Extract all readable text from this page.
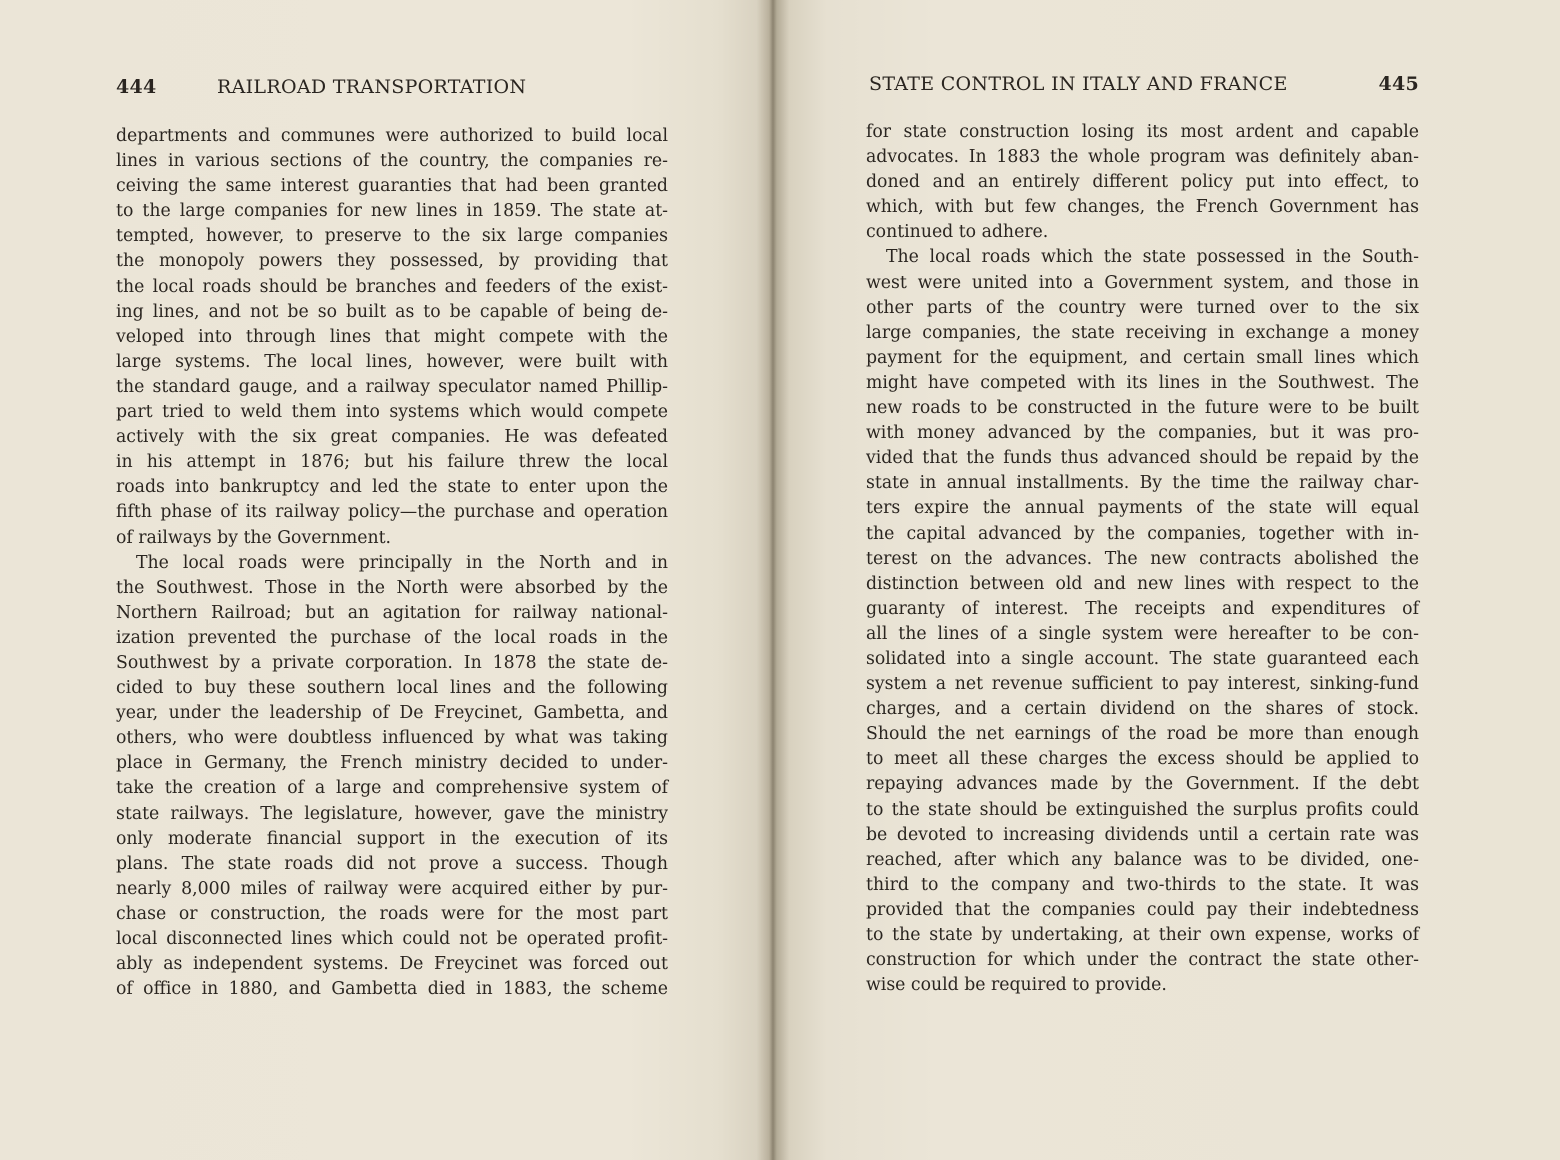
444	RAILROAD TRANSPORTATION
departments and communes were authorized to build local
lines in various sections of the country, the companies re-
ceiving the same interest guaranties that had been granted
to the large companies for new lines in 1859. The state at-
tempted, however, to preserve to the six large companies
the monopoly powers they possessed, by providing that
the local roads should be branches and feeders of the exist-
ing lines, and not be so built as to be capable of being de-
veloped into through lines that might compete with the
large systems. The local lines, however, were built with
the standard gauge, and a railway speculator named Phillip-
part tried to weld them into systems which would compete
actively with the six great companies. He was defeated
in his attempt in 1876; but his failure threw the local
roads into bankruptcy and led the state to enter upon the
fifth phase of its railway policy—the purchase and operation
of railways by the Government.
The local roads were principally in the North and in
the Southwest. Those in the North were absorbed by the
Northern Railroad; but an agitation for railway national-
ization prevented the purchase of the local roads in the
Southwest by a private corporation. In 1878 the state de-
cided to buy these southern local lines and the following
year, under the leadership of De Freycinet, Gambetta, and
others, who were doubtless influenced by what was taking
place in Germany, the French ministry decided to under-
take the creation of a large and comprehensive system of
state railways. The legislature, however, gave the ministry
only moderate financial support in the execution of its
plans. The state roads did not prove a success. Though
nearly 8,000 miles of railway were acquired either by pur-
chase or construction, the roads were for the most part
local disconnected lines which could not be operated profit-
ably as independent systems. De Freycinet was forced out
of office in 1880, and Gambetta died in 1883, the scheme
STATE CONTROL IN ITALY AND FRANCE	445
for state construction losing its most ardent and capable
advocates. In 1883 the whole program was definitely aban-
doned and an entirely different policy put into effect, to
which, with but few changes, the French Government has
continued to adhere.
The local roads which the state possessed in the South-
west were united into a Government system, and those in
other parts of the country were turned over to the six
large companies, the state receiving in exchange a money
payment for the equipment, and certain small lines which
might have competed with its lines in the Southwest. The
new roads to be constructed in the future were to be built
with money advanced by the companies, but it was pro-
vided that the funds thus advanced should be repaid by the
state in annual installments. By the time the railway char-
ters expire the annual payments of the state will equal
the capital advanced by the companies, together with in-
terest on the advances. The new contracts abolished the
distinction between old and new lines with respect to the
guaranty of interest. The receipts and expenditures of
all the lines of a single system were hereafter to be con-
solidated into a single account. The state guaranteed each
system a net revenue sufficient to pay interest, sinking-fund
charges, and a certain dividend on the shares of stock.
Should the net earnings of the road be more than enough
to meet all these charges the excess should be applied to
repaying advances made by the Government. If the debt
to the state should be extinguished the surplus profits could
be devoted to increasing dividends until a certain rate was
reached, after which any balance was to be divided, one-
third to the company and two-thirds to the state. It was
provided that the companies could pay their indebtedness
to the state by undertaking, at their own expense, works of
construction for which under the contract the state other-
wise could be required to provide.
